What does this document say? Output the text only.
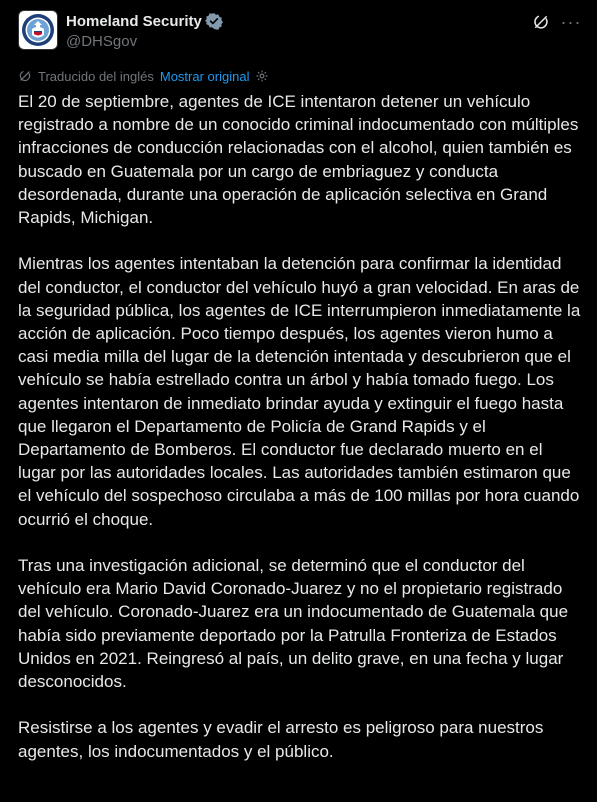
Homeland Security
@DHSgov
···
Traducido del inglés Mostrar original

El 20 de septiembre, agentes de ICE intentaron detener un vehículo registrado a nombre de un conocido criminal indocumentado con múltiples infracciones de conducción relacionadas con el alcohol, quien también es buscado en Guatemala por un cargo de embriaguez y conducta desordenada, durante una operación de aplicación selectiva en Grand Rapids, Michigan.

Mientras los agentes intentaban la detención para confirmar la identidad del conductor, el conductor del vehículo huyó a gran velocidad. En aras de la seguridad pública, los agentes de ICE interrumpieron inmediatamente la acción de aplicación. Poco tiempo después, los agentes vieron humo a casi media milla del lugar de la detención intentada y descubrieron que el vehículo se había estrellado contra un árbol y había tomado fuego. Los agentes intentaron de inmediato brindar ayuda y extinguir el fuego hasta que llegaron el Departamento de Policía de Grand Rapids y el Departamento de Bomberos. El conductor fue declarado muerto en el lugar por las autoridades locales. Las autoridades también estimaron que el vehículo del sospechoso circulaba a más de 100 millas por hora cuando ocurrió el choque.

Tras una investigación adicional, se determinó que el conductor del vehículo era Mario David Coronado-Juarez y no el propietario registrado del vehículo. Coronado-Juarez era un indocumentado de Guatemala que había sido previamente deportado por la Patrulla Fronteriza de Estados Unidos en 2021. Reingresó al país, un delito grave, en una fecha y lugar desconocidos.

Resistirse a los agentes y evadir el arresto es peligroso para nuestros agentes, los indocumentados y el público.
